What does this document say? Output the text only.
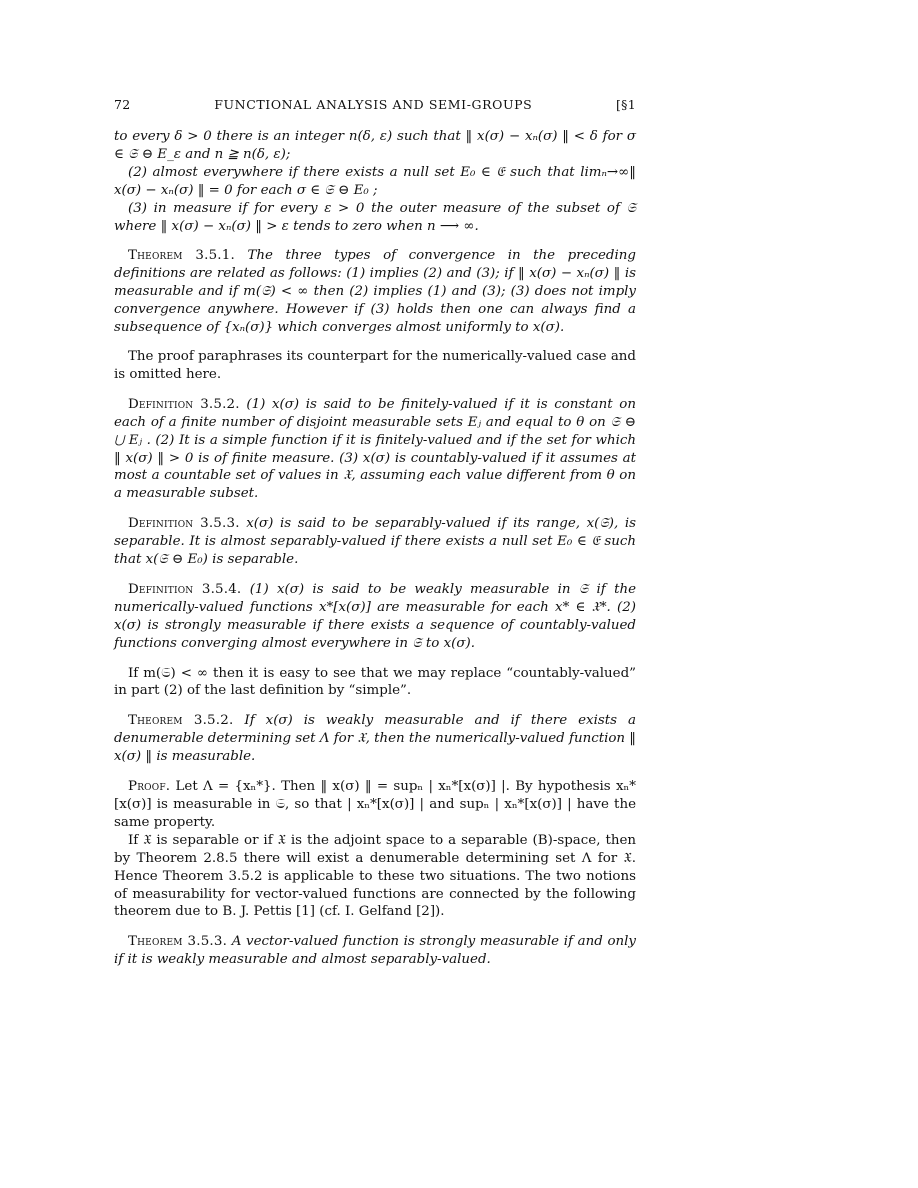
72	FUNCTIONAL ANALYSIS AND SEMI-GROUPS	[§1

to every δ > 0 there is an integer n(δ, ε) such that ‖ x(σ) − xₙ(σ) ‖ < δ for σ ∈ 𝔖 ⊖ E_ε and n ≧ n(δ, ε);

(2) almost everywhere if there exists a null set E₀ ∈ 𝔈 such that limₙ→∞‖ x(σ) − xₙ(σ) ‖ = 0 for each σ ∈ 𝔖 ⊖ E₀ ;

(3) in measure if for every ε > 0 the outer measure of the subset of 𝔖 where ‖ x(σ) − xₙ(σ) ‖ > ε tends to zero when n ⟶ ∞.

Theorem 3.5.1. The three types of convergence in the preceding definitions are related as follows: (1) implies (2) and (3); if ‖ x(σ) − xₙ(σ) ‖ is measurable and if m(𝔖) < ∞ then (2) implies (1) and (3); (3) does not imply convergence anywhere. However if (3) holds then one can always find a subsequence of {xₙ(σ)} which converges almost uniformly to x(σ).

The proof paraphrases its counterpart for the numerically-valued case and is omitted here.

Definition 3.5.2. (1) x(σ) is said to be finitely-valued if it is constant on each of a finite number of disjoint measurable sets Eⱼ and equal to θ on 𝔖 ⊖ ⋃ Eⱼ . (2) It is a simple function if it is finitely-valued and if the set for which ‖ x(σ) ‖ > 0 is of finite measure. (3) x(σ) is countably-valued if it assumes at most a countable set of values in 𝔛, assuming each value different from θ on a measurable subset.

Definition 3.5.3. x(σ) is said to be separably-valued if its range, x(𝔖), is separable. It is almost separably-valued if there exists a null set E₀ ∈ 𝔈 such that x(𝔖 ⊖ E₀) is separable.

Definition 3.5.4. (1) x(σ) is said to be weakly measurable in 𝔖 if the numerically-valued functions x*[x(σ)] are measurable for each x* ∈ 𝔛*. (2) x(σ) is strongly measurable if there exists a sequence of countably-valued functions converging almost everywhere in 𝔖 to x(σ).

If m(𝔖) < ∞ then it is easy to see that we may replace “countably-valued” in part (2) of the last definition by “simple”.

Theorem 3.5.2. If x(σ) is weakly measurable and if there exists a denumerable determining set Λ for 𝔛, then the numerically-valued function ‖ x(σ) ‖ is measurable.

Proof. Let Λ = {xₙ*}. Then ‖ x(σ) ‖ = supₙ | xₙ*[x(σ)] |. By hypothesis xₙ*[x(σ)] is measurable in 𝔖, so that | xₙ*[x(σ)] | and supₙ | xₙ*[x(σ)] | have the same property.

If 𝔛 is separable or if 𝔛 is the adjoint space to a separable (B)-space, then by Theorem 2.8.5 there will exist a denumerable determining set Λ for 𝔛. Hence Theorem 3.5.2 is applicable to these two situations. The two notions of measurability for vector-valued functions are connected by the following theorem due to B. J. Pettis [1] (cf. I. Gelfand [2]).

Theorem 3.5.3. A vector-valued function is strongly measurable if and only if it is weakly measurable and almost separably-valued.
